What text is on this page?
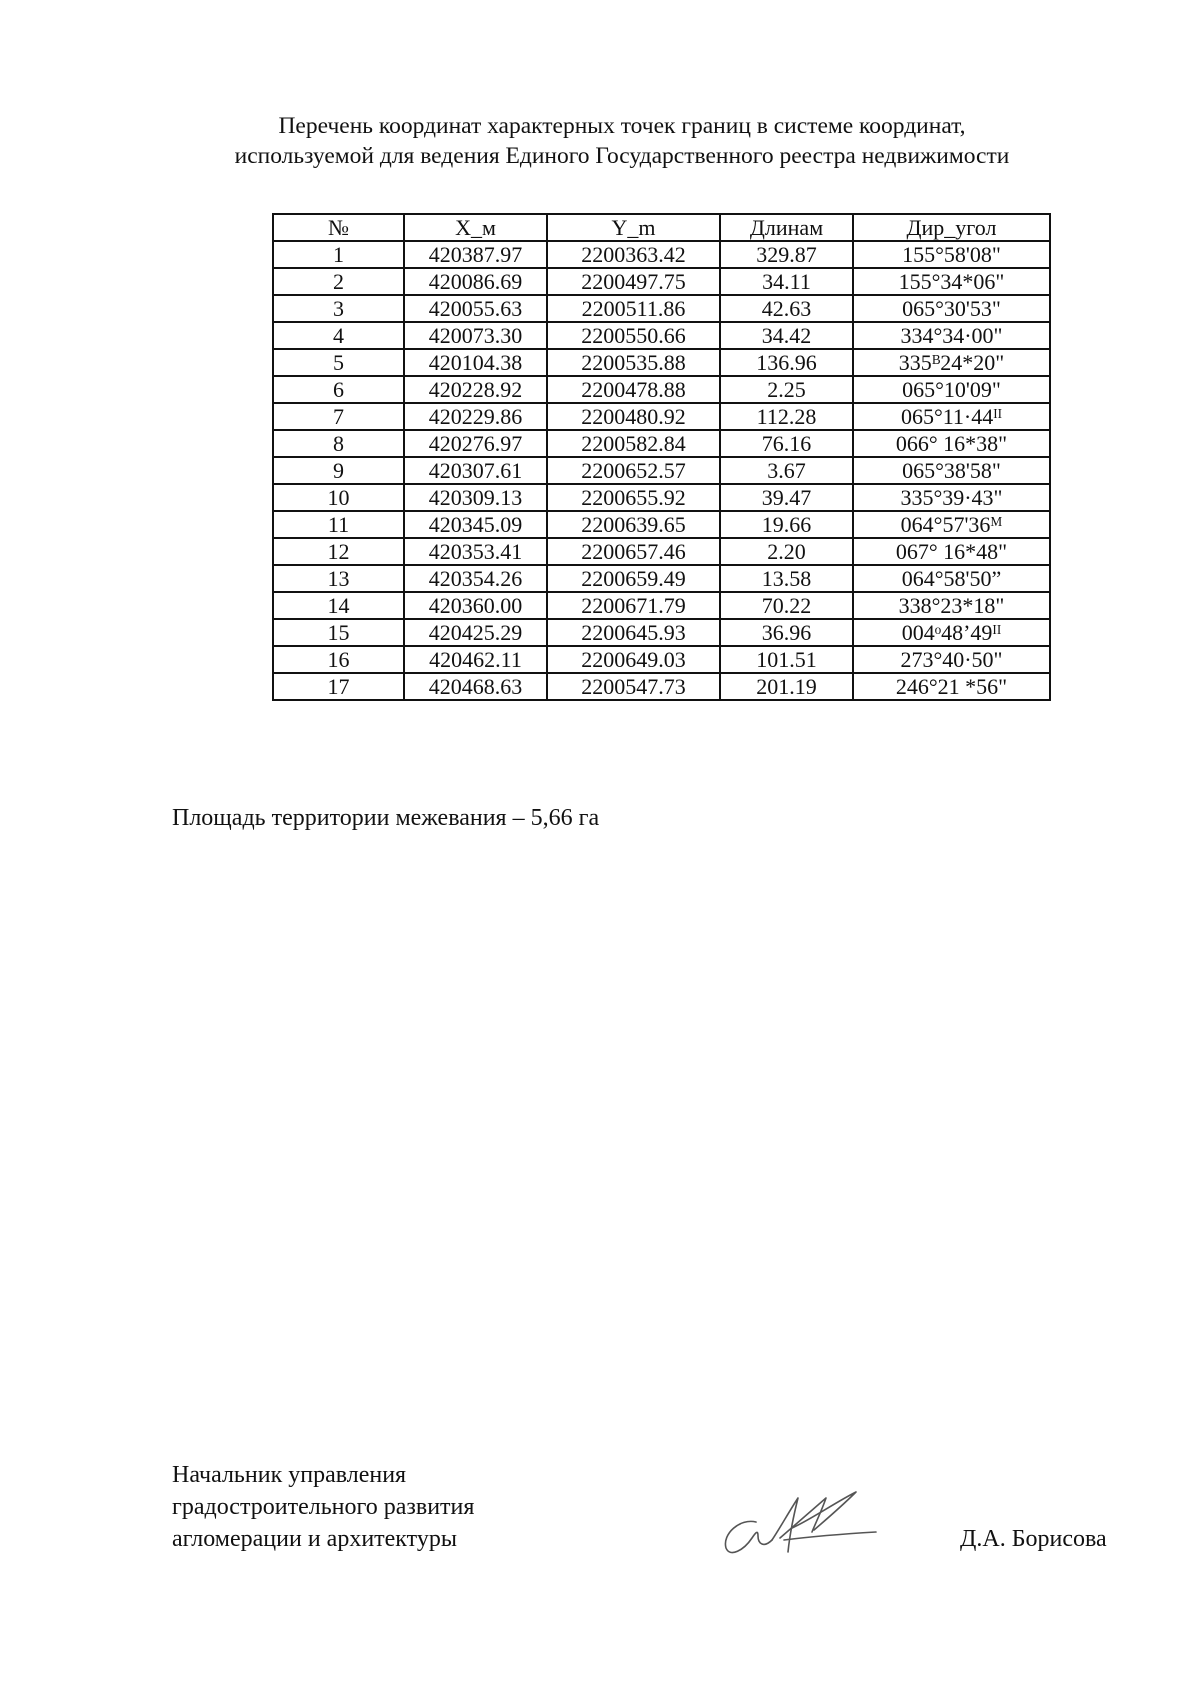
Перечень координат характерных точек границ в системе координат,
используемой для ведения Единого Государственного реестра недвижимости
№	X_м	Y_m	Длинам	Дир_угол
1	420387.97	2200363.42	329.87	155°58'08"
2	420086.69	2200497.75	34.11	155°34*06"
3	420055.63	2200511.86	42.63	065°30'53"
4	420073.30	2200550.66	34.42	334°34·00"
5	420104.38	2200535.88	136.96	335ᴮ24*20"
6	420228.92	2200478.88	2.25	065°10'09"
7	420229.86	2200480.92	112.28	065°11·44ᴵᴵ
8	420276.97	2200582.84	76.16	066° 16*38"
9	420307.61	2200652.57	3.67	065°38'58"
10	420309.13	2200655.92	39.47	335°39·43"
11	420345.09	2200639.65	19.66	064°57'36ᴹ
12	420353.41	2200657.46	2.20	067° 16*48"
13	420354.26	2200659.49	13.58	064°58'50”
14	420360.00	2200671.79	70.22	338°23*18"
15	420425.29	2200645.93	36.96	004ᵒ48’49ᴵᴵ
16	420462.11	2200649.03	101.51	273°40·50"
17	420468.63	2200547.73	201.19	246°21 *56"
Площадь территории межевания – 5,66 га
Начальник управления
градостроительного развития
агломерации и архитектуры	Д.А. Борисова
